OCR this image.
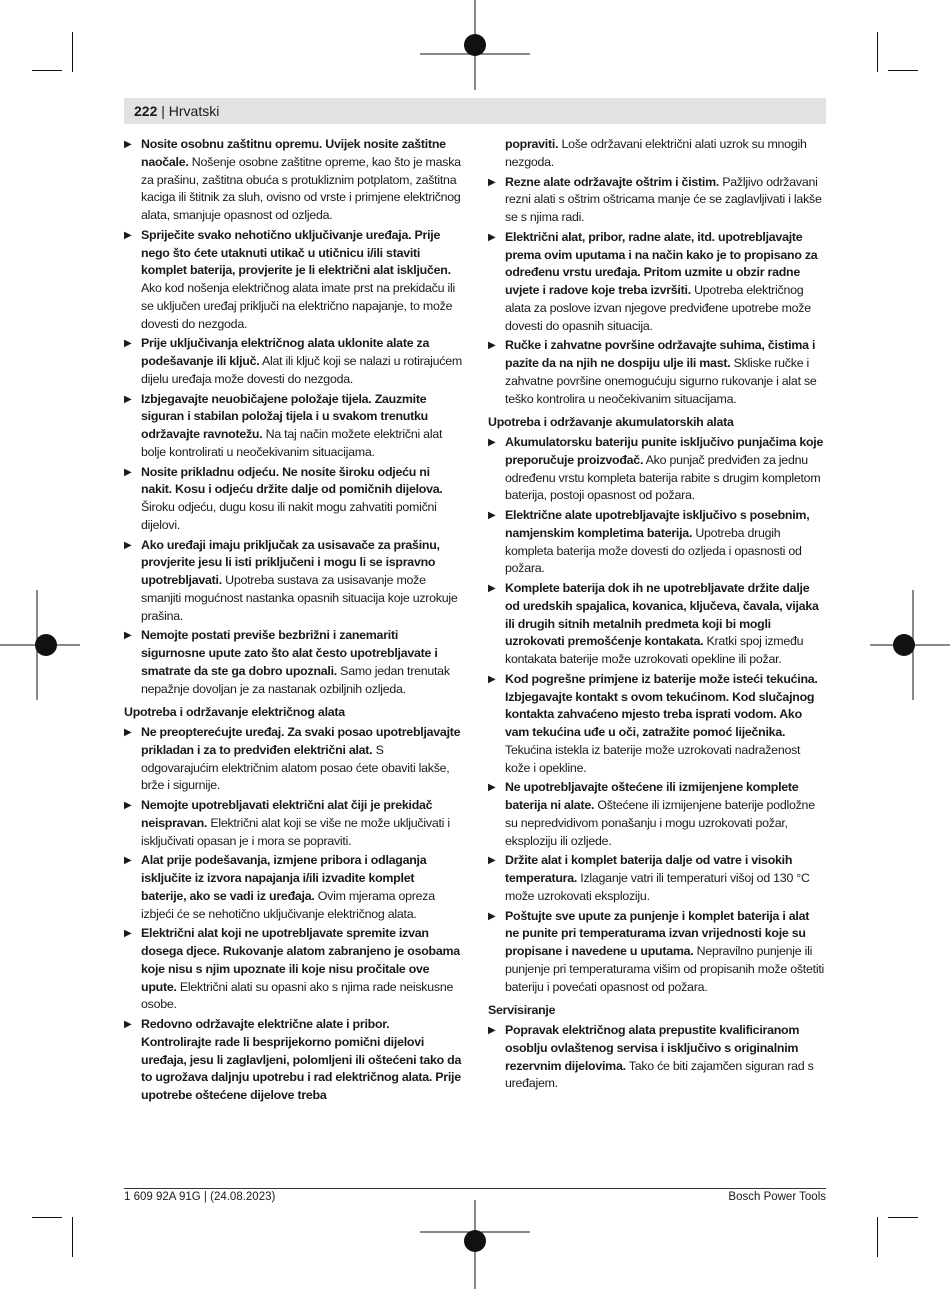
222 | Hrvatski
▶ Nosite osobnu zaštitnu opremu. Uvijek nosite zaštitne naočale. Nošenje osobne zaštitne opreme, kao što je maska za prašinu, zaštitna obuća s protukliznim potplatom, zaštitna kaciga ili štitnik za sluh, ovisno od vrste i primjene električnog alata, smanjuje opasnost od ozljeda.
▶ Spriječite svako nehotično uključivanje uređaja. Prije nego što ćete utaknuti utikač u utičnicu i/ili staviti komplet baterija, provjerite je li električni alat isključen. Ako kod nošenja električnog alata imate prst na prekidaču ili se uključen uređaj priključi na električno napajanje, to može dovesti do nezgoda.
▶ Prije uključivanja električnog alata uklonite alate za podešavanje ili ključ. Alat ili ključ koji se nalazi u rotirajućem dijelu uređaja može dovesti do nezgoda.
▶ Izbjegavajte neuobičajene položaje tijela. Zauzmite siguran i stabilan položaj tijela i u svakom trenutku održavajte ravnotežu. Na taj način možete električni alat bolje kontrolirati u neočekivanim situacijama.
▶ Nosite prikladnu odjeću. Ne nosite široku odjeću ni nakit. Kosu i odjeću držite dalje od pomičnih dijelova. Široku odjeću, dugu kosu ili nakit mogu zahvatiti pomični dijelovi.
▶ Ako uređaji imaju priključak za usisavače za prašinu, provjerite jesu li isti priključeni i mogu li se ispravno upotrebljavati. Upotreba sustava za usisavanje može smanjiti mogućnost nastanka opasnih situacija koje uzrokuje prašina.
▶ Nemojte postati previše bezbrižni i zanemariti sigurnosne upute zato što alat često upotrebljavate i smatrate da ste ga dobro upoznali. Samo jedan trenutak nepažnje dovoljan je za nastanak ozbiljnih ozljeda.
Upotreba i održavanje električnog alata
▶ Ne preopterećujte uređaj. Za svaki posao upotrebljavajte prikladan i za to predviđen električni alat. S odgovarajućim električnim alatom posao ćete obaviti lakše, brže i sigurnije.
▶ Nemojte upotrebljavati električni alat čiji je prekidač neispravan. Električni alat koji se više ne može uključivati i isključivati opasan je i mora se popraviti.
▶ Alat prije podešavanja, izmjene pribora i odlaganja isključite iz izvora napajanja i/ili izvadite komplet baterije, ako se vadi iz uređaja. Ovim mjerama opreza izbjeći će se nehotično uključivanje električnog alata.
▶ Električni alat koji ne upotrebljavate spremite izvan dosega djece. Rukovanje alatom zabranjeno je osobama koje nisu s njim upoznate ili koje nisu pročitale ove upute. Električni alati su opasni ako s njima rade neiskusne osobe.
▶ Redovno održavajte električne alate i pribor. Kontrolirajte rade li besprijekorno pomični dijelovi uređaja, jesu li zaglavljeni, polomljeni ili oštećeni tako da to ugrožava daljnju upotrebu i rad električnog alata. Prije upotrebe oštećene dijelove treba
popraviti. Loše održavani električni alati uzrok su mnogih nezgoda.
▶ Rezne alate održavajte oštrim i čistim. Pažljivo održavani rezni alati s oštrim oštricama manje će se zaglavljivati i lakše se s njima radi.
▶ Električni alat, pribor, radne alate, itd. upotrebljavajte prema ovim uputama i na način kako je to propisano za određenu vrstu uređaja. Pritom uzmite u obzir radne uvjete i radove koje treba izvršiti. Upotreba električnog alata za poslove izvan njegove predviđene upotrebe može dovesti do opasnih situacija.
▶ Ručke i zahvatne površine održavajte suhima, čistima i pazite da na njih ne dospiju ulje ili mast. Skliske ručke i zahvatne površine onemogućuju sigurno rukovanje i alat se teško kontrolira u neočekivanim situacijama.
Upotreba i održavanje akumulatorskih alata
▶ Akumulatorsku bateriju punite isključivo punjačima koje preporučuje proizvođač. Ako punjač predviđen za jednu određenu vrstu kompleta baterija rabite s drugim kompletom baterija, postoji opasnost od požara.
▶ Električne alate upotrebljavajte isključivo s posebnim, namjenskim kompletima baterija. Upotreba drugih kompleta baterija može dovesti do ozljeda i opasnosti od požara.
▶ Komplete baterija dok ih ne upotrebljavate držite dalje od uredskih spajalica, kovanica, ključeva, čavala, vijaka ili drugih sitnih metalnih predmeta koji bi mogli uzrokovati premošćenje kontakata. Kratki spoj između kontakata baterije može uzrokovati opekline ili požar.
▶ Kod pogrešne primjene iz baterije može isteći tekućina. Izbjegavajte kontakt s ovom tekućinom. Kod slučajnog kontakta zahvaćeno mjesto treba isprati vodom. Ako vam tekućina uđe u oči, zatražite pomoć liječnika. Tekućina istekla iz baterije može uzrokovati nadraženost kože i opekline.
▶ Ne upotrebljavajte oštećene ili izmijenjene komplete baterija ni alate. Oštećene ili izmijenjene baterije podložne su nepredvidivom ponašanju i mogu uzrokovati požar, eksploziju ili ozljede.
▶ Držite alat i komplet baterija dalje od vatre i visokih temperatura. Izlaganje vatri ili temperaturi višoj od 130 °C može uzrokovati eksploziju.
▶ Poštujte sve upute za punjenje i komplet baterija i alat ne punite pri temperaturama izvan vrijednosti koje su propisane i navedene u uputama. Nepravilno punjenje ili punjenje pri temperaturama višim od propisanih može oštetiti bateriju i povećati opasnost od požara.
Servisiranje
▶ Popravak električnog alata prepustite kvalificiranom osoblju ovlaštenog servisa i isključivo s originalnim rezervnim dijelovima. Tako će biti zajamčen siguran rad s uređajem.
1 609 92A 91G | (24.08.2023)	Bosch Power Tools
